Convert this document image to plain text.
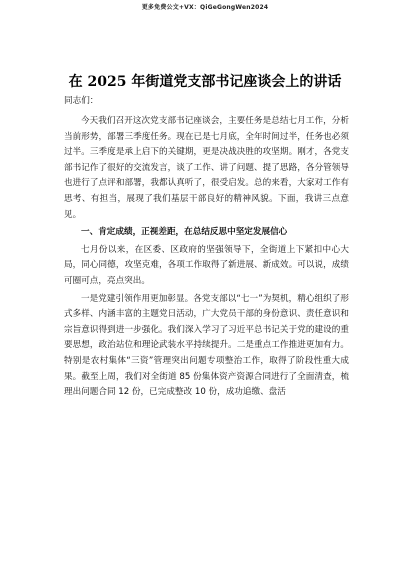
更多免费公文+VX：QiGeGongWen2024
在 2025 年街道党支部书记座谈会上的讲话
同志们：

今天我们召开这次党支部书记座谈会，主要任务是总结七月工作，分析当前形势，部署三季度任务。现在已是七月底，全年时间过半，任务也必须过半。三季度是承上启下的关键期，更是决战决胜的攻坚期。刚才，各党支部书记作了很好的交流发言，谈了工作、讲了问题、提了思路，各分管领导也进行了点评和部署，我都认真听了，很受启发。总的来看，大家对工作有思考、有担当，展现了我们基层干部良好的精神风貌。下面，我讲三点意见。

一、肯定成绩，正视差距，在总结反思中坚定发展信心

七月份以来，在区委、区政府的坚强领导下，全街道上下紧扣中心大局，同心同德，攻坚克难，各项工作取得了新进展、新成效。可以说，成绩可圈可点，亮点突出。

一是党建引领作用更加彰显。各党支部以“七一”为契机，精心组织了形式多样、内涵丰富的主题党日活动，广大党员干部的身份意识、责任意识和宗旨意识得到进一步强化。我们深入学习了习近平总书记关于党的建设的重要思想，政治站位和理论武装水平持续提升。二是重点工作推进更加有力。特别是农村集体“三资”管理突出问题专项整治工作，取得了阶段性重大成果。截至上周，我们对全街道 85 份集体资产资源合同进行了全面清查，梳理出问题合同 12 份，已完成整改 10 份，成功追缴、盘活
